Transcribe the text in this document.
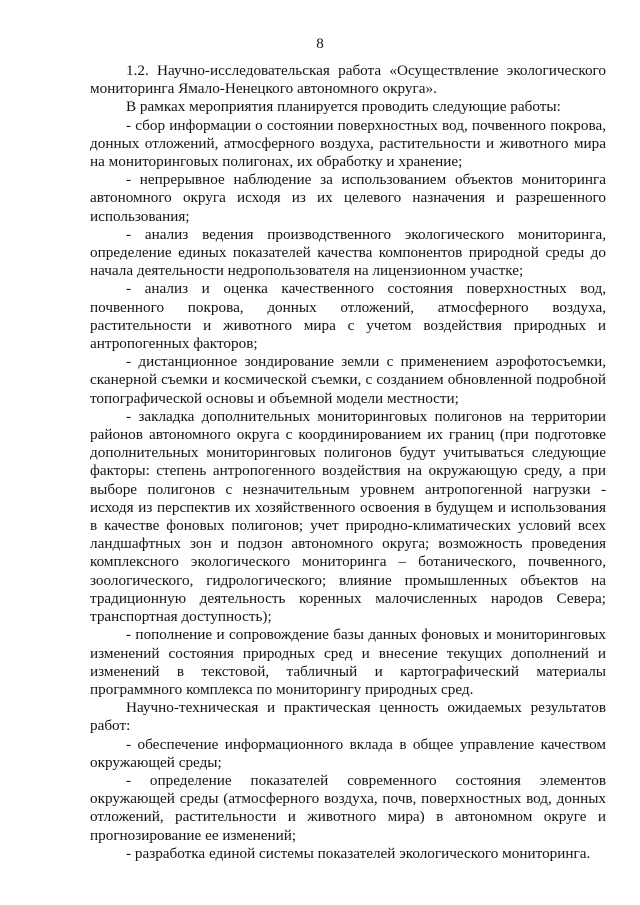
8

1.2. Научно-исследовательская работа «Осуществление экологического мониторинга Ямало-Ненецкого автономного округа».

В рамках мероприятия планируется проводить следующие работы:

- сбор информации о состоянии поверхностных вод, почвенного покрова, донных отложений, атмосферного воздуха, растительности и животного мира на мониторинговых полигонах, их обработку и хранение;

- непрерывное наблюдение за использованием объектов мониторинга автономного округа исходя из их целевого назначения и разрешенного использования;

- анализ ведения производственного экологического мониторинга, определение единых показателей качества компонентов природной среды до начала деятельности недропользователя на лицензионном участке;

- анализ и оценка качественного состояния поверхностных вод, почвенного покрова, донных отложений, атмосферного воздуха, растительности и животного мира с учетом воздействия природных и антропогенных факторов;

- дистанционное зондирование земли с применением аэрофотосъемки, сканерной съемки и космической съемки, с созданием обновленной подробной топографической основы и объемной модели местности;

- закладка дополнительных мониторинговых полигонов на территории районов автономного округа с координированием их границ (при подготовке дополнительных мониторинговых полигонов будут учитываться следующие факторы: степень антропогенного воздействия на окружающую среду, а при выборе полигонов с незначительным уровнем антропогенной нагрузки - исходя из перспектив их хозяйственного освоения в будущем и использования в качестве фоновых полигонов; учет природно-климатических условий всех ландшафтных зон и подзон автономного округа; возможность проведения комплексного экологического мониторинга – ботанического, почвенного, зоологического, гидрологического; влияние промышленных объектов на традиционную деятельность коренных малочисленных народов Севера; транспортная доступность);

- пополнение и сопровождение базы данных фоновых и мониторинговых изменений состояния природных сред и внесение текущих дополнений и изменений в текстовой, табличный и картографический материалы программного комплекса по мониторингу природных сред.

Научно-техническая и практическая ценность ожидаемых результатов работ:

- обеспечение информационного вклада в общее управление качеством окружающей среды;

- определение показателей современного состояния элементов окружающей среды (атмосферного воздуха, почв, поверхностных вод, донных отложений, растительности и животного мира) в автономном округе и прогнозирование ее изменений;

- разработка единой системы показателей экологического мониторинга.
